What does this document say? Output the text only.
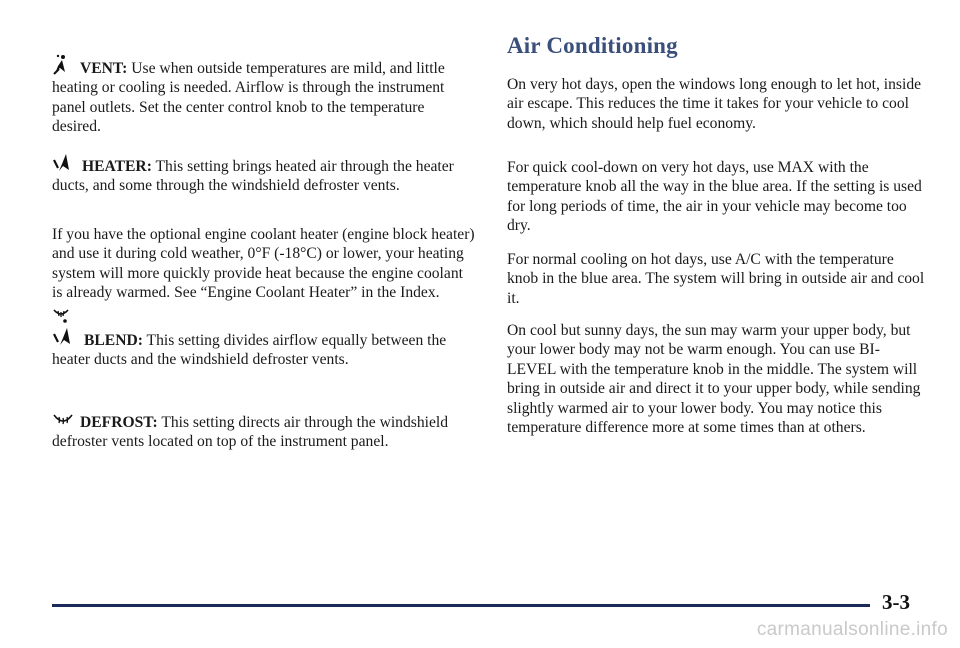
VENT: Use when outside temperatures are mild, and little heating or cooling is needed. Airflow is through the instrument panel outlets. Set the center control knob to the temperature desired.

HEATER: This setting brings heated air through the heater ducts, and some through the windshield defroster vents.

If you have the optional engine coolant heater (engine block heater) and use it during cold weather, 0°F (-18°C) or lower, your heating system will more quickly provide heat because the engine coolant is already warmed. See “Engine Coolant Heater” in the Index.

BLEND: This setting divides airflow equally between the heater ducts and the windshield defroster vents.

DEFROST: This setting directs air through the windshield defroster vents located on top of the instrument panel.

Air Conditioning

On very hot days, open the windows long enough to let hot, inside air escape. This reduces the time it takes for your vehicle to cool down, which should help fuel economy.

For quick cool-down on very hot days, use MAX with the temperature knob all the way in the blue area. If the setting is used for long periods of time, the air in your vehicle may become too dry.

For normal cooling on hot days, use A/C with the temperature knob in the blue area. The system will bring in outside air and cool it.

On cool but sunny days, the sun may warm your upper body, but your lower body may not be warm enough. You can use BI-LEVEL with the temperature knob in the middle. The system will bring in outside air and direct it to your upper body, while sending slightly warmed air to your lower body. You may notice this temperature difference more at some times than at others.

3-3
carmanualsonline.info
